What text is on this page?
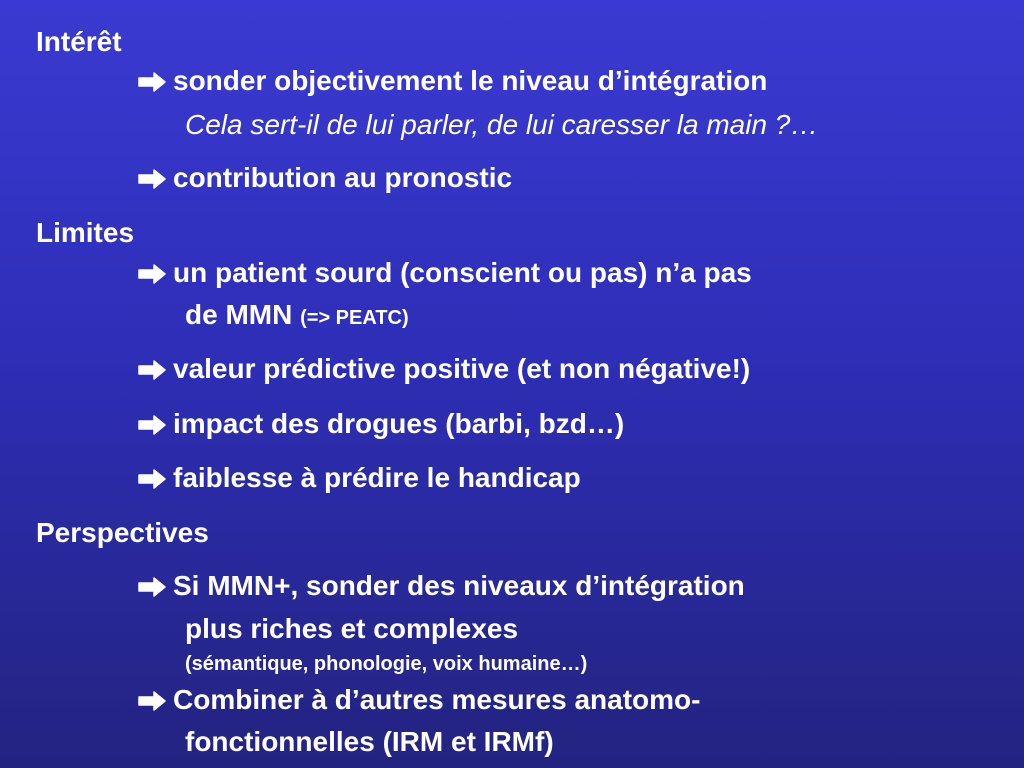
Intérêt
sonder objectivement le niveau d’intégration
Cela sert-il de lui parler, de lui caresser la main ?…
contribution au pronostic
Limites
un patient sourd (conscient ou pas) n’a pas
de MMN (=> PEATC)
valeur prédictive positive (et non négative!)
impact des drogues (barbi, bzd…)
faiblesse à prédire le handicap
Perspectives
Si MMN+, sonder des niveaux d’intégration
plus riches et complexes
(sémantique, phonologie, voix humaine…)
Combiner à d’autres mesures anatomo-
fonctionnelles (IRM et IRMf)
